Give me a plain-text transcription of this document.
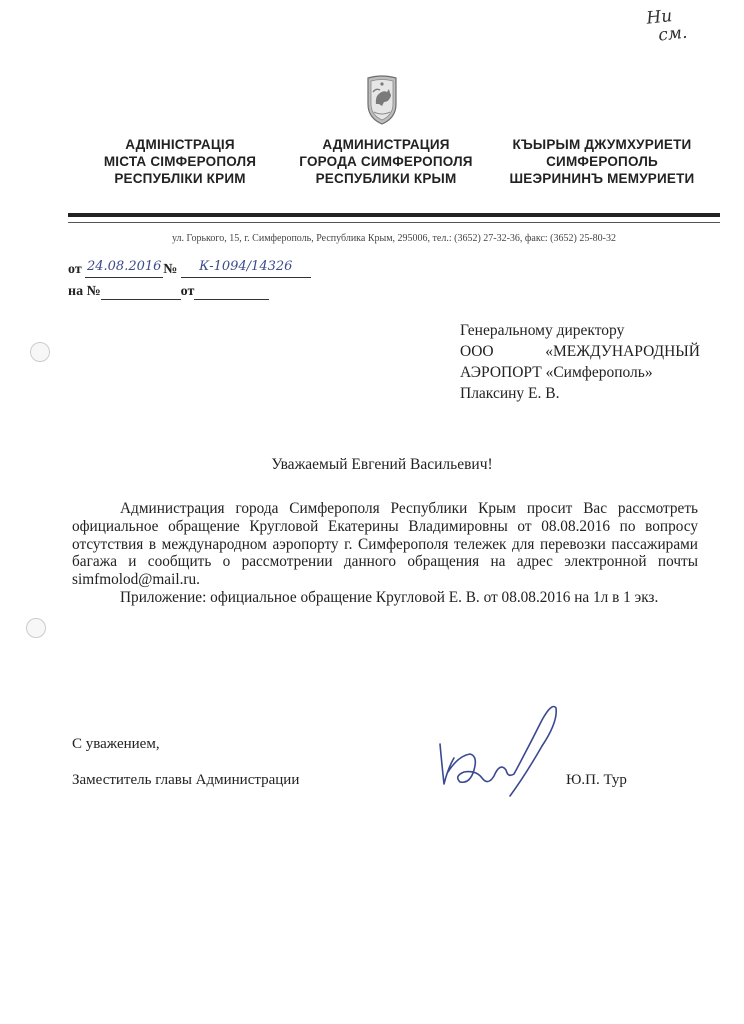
Ни
см.
АДМІНІСТРАЦІЯ
МІСТА СІМФЕРОПОЛЯ
РЕСПУБЛІКИ КРИМ
АДМИНИСТРАЦИЯ
ГОРОДА СИМФЕРОПОЛЯ
РЕСПУБЛИКИ КРЫМ
КЪЫРЫМ ДЖУМХУРИЕТИ
СИМФЕРОПОЛЬ
ШЕЭРИНИНЪ МЕМУРИЕТИ
ул. Горького, 15, г. Симферополь, Республика Крым, 295006, тел.: (3652) 27-32-36, факс: (3652) 25-80-32
от 24.08.2016 № К-1094/14326
на №	от
Генеральному директору
ООО	«МЕЖДУНАРОДНЫЙ
АЭРОПОРТ «Симферополь»
Плаксину Е. В.
Уважаемый Евгений Васильевич!

Администрация города Симферополя Республики Крым просит Вас рассмотреть официальное обращение Кругловой Екатерины Владимировны от 08.08.2016 по вопросу отсутствия в международном аэропорту г. Симферополя тележек для перевозки пассажирами багажа и сообщить о рассмотрении данного обращения на адрес электронной почты simfmolod@mail.ru.

Приложение: официальное обращение Кругловой Е. В. от 08.08.2016 на 1л в 1 экз.

С уважением,
Заместитель главы Администрации	Ю.П. Тур
